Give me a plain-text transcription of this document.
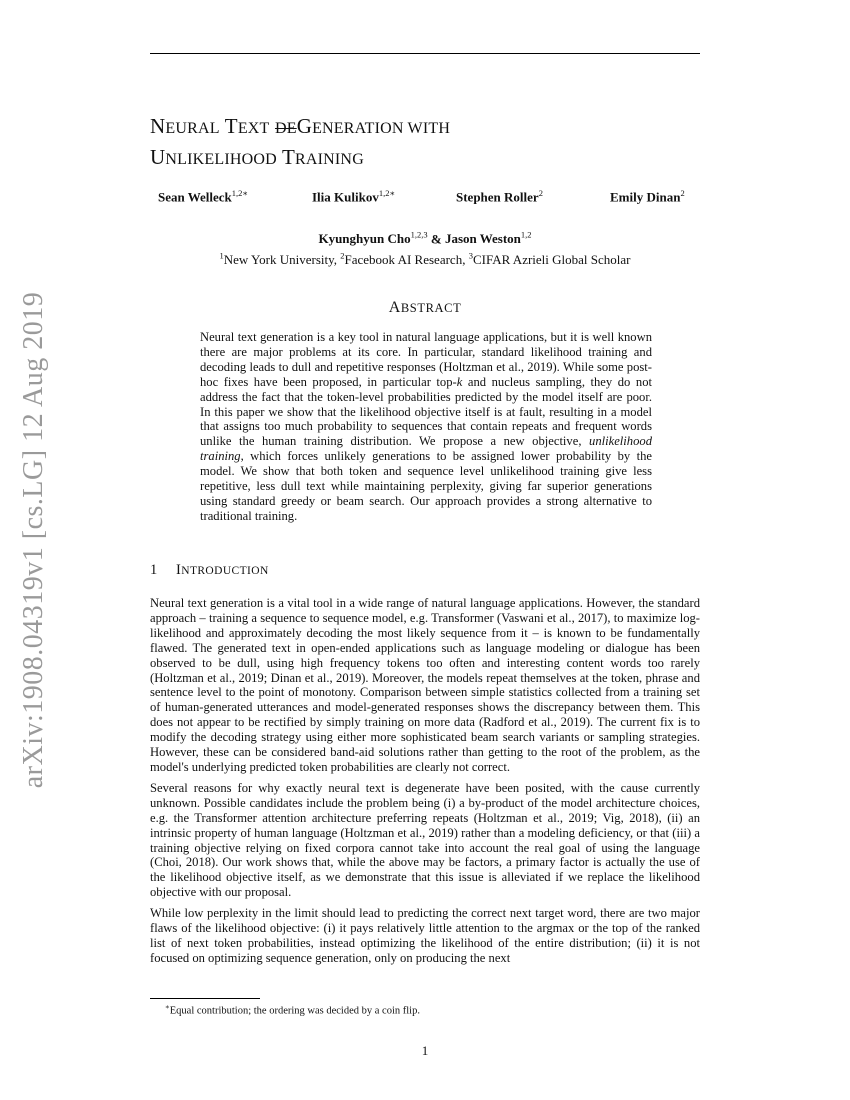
NEURAL TEXT DEGENERATION WITH
UNLIKELIHOOD TRAINING
Sean Welleck$^{1,2∗}$	Ilia Kulikov$^{1,2∗}$	Stephen Roller$^2$	Emily Dinan$^2$
Kyunghyun Cho$^{1,2,3}$ & Jason Weston$^{1,2}$
$^1$New York University, $^2$Facebook AI Research, $^3$CIFAR Azrieli Global Scholar
ABSTRACT
Neural text generation is a key tool in natural language applications, but it is well known there are major problems at its core. In particular, standard likelihood training and decoding leads to dull and repetitive responses (Holtzman et al., 2019). While some post-hoc fixes have been proposed, in particular top-k and nucleus sampling, they do not address the fact that the token-level probabilities predicted by the model itself are poor. In this paper we show that the likelihood objective itself is at fault, resulting in a model that assigns too much probability to sequences that contain repeats and frequent words unlike the human training distribution. We propose a new objective, unlikelihood training, which forces unlikely generations to be assigned lower probability by the model. We show that both token and sequence level unlikelihood training give less repetitive, less dull text while maintaining perplexity, giving far superior generations using standard greedy or beam search. Our approach provides a strong alternative to traditional training.
1 INTRODUCTION

Neural text generation is a vital tool in a wide range of natural language applications. However, the standard approach – training a sequence to sequence model, e.g. Transformer (Vaswani et al., 2017), to maximize log-likelihood and approximately decoding the most likely sequence from it – is known to be fundamentally flawed. The generated text in open-ended applications such as language modeling or dialogue has been observed to be dull, using high frequency tokens too often and interesting content words too rarely (Holtzman et al., 2019; Dinan et al., 2019). Moreover, the models repeat themselves at the token, phrase and sentence level to the point of monotony. Comparison between simple statistics collected from a training set of human-generated utterances and model-generated responses shows the discrepancy between them. This does not appear to be rectified by simply training on more data (Radford et al., 2019). The current fix is to modify the decoding strategy using either more sophisticated beam search variants or sampling strategies. However, these can be considered band-aid solutions rather than getting to the root of the problem, as the model's underlying predicted token probabilities are clearly not correct.

Several reasons for why exactly neural text is degenerate have been posited, with the cause currently unknown. Possible candidates include the problem being (i) a by-product of the model architecture choices, e.g. the Transformer attention architecture preferring repeats (Holtzman et al., 2019; Vig, 2018), (ii) an intrinsic property of human language (Holtzman et al., 2019) rather than a modeling deficiency, or that (iii) a training objective relying on fixed corpora cannot take into account the real goal of using the language (Choi, 2018). Our work shows that, while the above may be factors, a primary factor is actually the use of the likelihood objective itself, as we demonstrate that this issue is alleviated if we replace the likelihood objective with our proposal.

While low perplexity in the limit should lead to predicting the correct next target word, there are two major flaws of the likelihood objective: (i) it pays relatively little attention to the argmax or the top of the ranked list of next token probabilities, instead optimizing the likelihood of the entire distribution; (ii) it is not focused on optimizing sequence generation, only on producing the next

∗Equal contribution; the ordering was decided by a coin flip.
1
arXiv:1908.04319v1 [cs.LG] 12 Aug 2019
